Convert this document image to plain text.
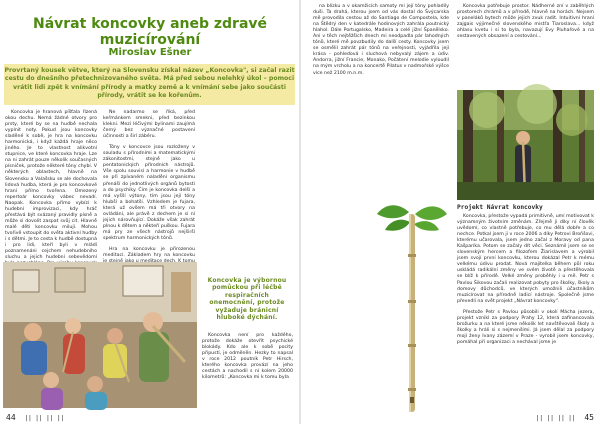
Návrat koncovky aneb zdravé muzicírování
Miroslav Ešner
Provrtaný kousek větve, který na Slovensku získal název „Koncovka", si začal razit cestu do dnešního přetechnizovaného světa. Má před sebou nelehký úkol – pomoci vrátit lidi zpět k vnímání přírody a matky země a k vnímání sebe jako součásti přírody, vrátit se ke kořenům.

Koncovka je hranová píšťala řízená okou dechu. Nemá žádné otvory pro prsty, které by se na hudbě nechala vyplnit noty. Pokud jsou koncovky sladěné k sobě, je hra na koncovku harmonická, i když každá hraje něco jiného. Je to vlastnost alikvotní stupnice, ve které koncovka hraje. Lze na ni zahrát pouze několik současných písniček, protože některé tóny chybí. V některých oblastech, hlavně na Slovensku a Valašsku se ale dochovala lidová hudba, která je pro koncovkové hraní přímo tvořena. Omezený repertoár koncovky vábec nevadí. Naopak. Koncovka přímo vybízí k hudební improvizaci, kdy hráč přestává být svázaný pravidly písně a může si dovolit zaspat svůj cit. Hlavně malé děti koncovku milují. Mohou tvořivě vstoupit do světa aktivní hudby i s dětmi. Je to cesta k hudbě dostupná i pro lidi, kteří byli v mládí poznamenáni cejchem nehudebního sluchu a jejich hudební sebevědomí

Ne nadarmo se říká, před keřmánkem smekni, před bezinkou klekni. Mezi léčivými bylinami zaujímá černý bez význačné postavení účinnosti a širí zábéru.

Tóny v koncovce jsou rozloženy v souladu s přírodními a matematickými zákonitostmi, stejně jako u pentatonických přírodních nástrojů. Vše spolu souvisí a harmonie v hudbě se při zpívaném naladění organismu přenáší do jednotlivých orgánů bytosti a do psychiky. Čím je koncovka delší a má vyšší výtony, tím jsou její tóny hlubší a bohatší. Vzhledem je fujara, která už ovšem má tři otvory na ovládání, ale právě z dechem je si ní jejich nárovňující. Dokáže však zahrát plnou k dětem a někteří puškou. Fujara má pry ze všech nástrojů nejširší spektrum harmonických tónů.

Hra na koncovku je přirozenou meditací. Základem hry na koncovku

Koncovka je výbornou pomůckou při léčbě respiračních onemocnění, protože vyžaduje bránicní hluboké dýchání.

Koncovka není pro každého, protože dokáže otevřít psychické blokády. Kdo ale k sobě pocity připustí, je odměněn. Hezky to napsal v roce 2012 poutník Petr Hirsch, kterého koncovka provází na jeho cestách a nachodil s ní kolem 20000 kilometrů: „Koncovka mi k tomu byla

44 || || || ||

na blízku a v okamžicích samoty mi její tóny pohladily duši. Ta drahá, kterou jsem od vás dostal do Švýcarska mě provodila cestou až do Santiago de Compostela, kde na Štědrý den v katedrále hodinových zahrála poutnický hlahol. Dále Portugalsko, Madeira a celé jižní Španělsko. Ani v těch nejtěžších dnech mi neodpadla pár lahodných tónů, které mě povzbudily do další cesty. Koncovky jsem se osmělil zahrát pár tónů na veřejnosti, vyjádřila její krása - pohledová i sluchová nebyvalý zájem a údiv. Andorra, jižní Francie, Monako, Počátení melodie vyloudil na mým vrcholu a na koncertě Pilatus v nadmořské výšce více než 2100 m.n.m.

Koncovka potřebuje prostor. Nádherné zní v zaběhlých prostorech chrámů a v přírodě, hlavně na horách. Nejsem v paneláků bytech může jejich zvuk radit. Intuitivní hraní zajgais výjimečné slovenského mistřa Tiaroslava... když ohlasu kvetu i si to byla, navazují Evy Pluhařové a na sestavených obsazení a cestování...

Projekt Návrat koncovky

Koncovka, přestože vypadá primitivně, umí motivovat k významným životním změnám. Zřejmě ji díky ní člověk uvědomí, co vlastně potřebuje, co mu dělá dobře a co nechce. Potkal jsem ji v roce 2006 a díky Petrovi Broňšovi, kterému učarovala, jsem jedno začal z Moravy od pana Kašparíka. Potom se začaly dít věci. Seznámil jsem se se slovenským hercem a filozofem Žiarislavem a výrobil jsem svojí první koncovku, kterou dokázal Petr k mému velkému údivu prodat. Nová majitelka během půl roku uskládá radikální změny ve svém životě a přestěhovala se blíž k přírodě. Velké změny proběhly i u mě. Petr s Pavlou Šikovou začali realizovat pobyty pro školky, školy a domovy důchodců, ve kterých umožnili účastníkům muzicírovat na přírodně ladicí nástroje. Společně jsme převedli na svět projekt „Návrat koncovky".

Přestože Petr s Pavlou působili v okolí Mácha jezera, projekt vznikl za podpory Prahy 12, která zafinancovala brožurku a na které jsme několik let navštěvovali školy a školky a hráli si s nejmenšími. Já jsem dělal za podpory mojí ženy Ivany zázemí v Praze - vyrobil jsem koncovky, pomáhal při organizaci a nechával jsme je

|| || || || 45
